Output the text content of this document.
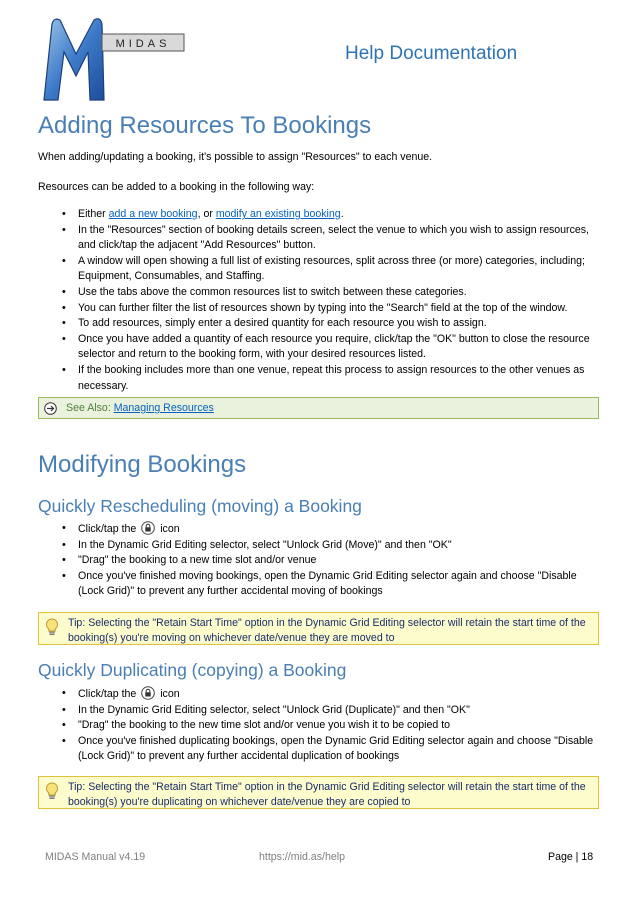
MIDAS	Help Documentation
Adding Resources To Bookings
When adding/updating a booking, it's possible to assign "Resources" to each venue.
Resources can be added to a booking in the following way:
• Either add a new booking, or modify an existing booking.
• In the "Resources" section of booking details screen, select the venue to which you wish to assign resources, and click/tap the adjacent "Add Resources" button.
• A window will open showing a full list of existing resources, split across three (or more) categories, including; Equipment, Consumables, and Staffing.
• Use the tabs above the common resources list to switch between these categories.
• You can further filter the list of resources shown by typing into the "Search" field at the top of the window.
• To add resources, simply enter a desired quantity for each resource you wish to assign.
• Once you have added a quantity of each resource you require, click/tap the "OK" button to close the resource selector and return to the booking form, with your desired resources listed.
• If the booking includes more than one venue, repeat this process to assign resources to the other venues as necessary.
See Also: Managing Resources
Modifying Bookings
Quickly Rescheduling (moving) a Booking
• Click/tap the icon
• In the Dynamic Grid Editing selector, select "Unlock Grid (Move)" and then "OK"
• "Drag" the booking to a new time slot and/or venue
• Once you've finished moving bookings, open the Dynamic Grid Editing selector again and choose "Disable (Lock Grid)" to prevent any further accidental moving of bookings
Tip: Selecting the "Retain Start Time" option in the Dynamic Grid Editing selector will retain the start time of the booking(s) you're moving on whichever date/venue they are moved to
Quickly Duplicating (copying) a Booking
• Click/tap the icon
• In the Dynamic Grid Editing selector, select "Unlock Grid (Duplicate)" and then "OK"
• "Drag" the booking to the new time slot and/or venue you wish it to be copied to
• Once you've finished duplicating bookings, open the Dynamic Grid Editing selector again and choose "Disable (Lock Grid)" to prevent any further accidental duplication of bookings
Tip: Selecting the "Retain Start Time" option in the Dynamic Grid Editing selector will retain the start time of the booking(s) you're duplicating on whichever date/venue they are copied to
MIDAS Manual v4.19	https://mid.as/help	Page | 18
